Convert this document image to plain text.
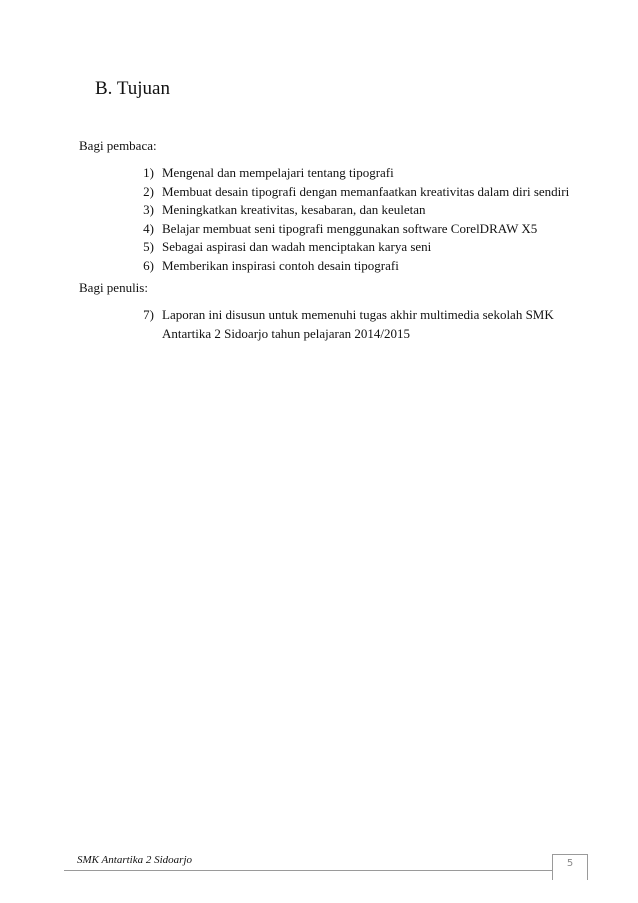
B. Tujuan

Bagi pembaca:

1) Mengenal dan mempelajari tentang tipografi
2) Membuat desain tipografi dengan memanfaatkan kreativitas dalam diri sendiri
3) Meningkatkan kreativitas, kesabaran, dan keuletan
4) Belajar membuat seni tipografi menggunakan software CorelDRAW X5
5) Sebagai aspirasi dan wadah menciptakan karya seni
6) Memberikan inspirasi contoh desain tipografi

Bagi penulis:

7) Laporan ini disusun untuk memenuhi tugas akhir multimedia sekolah SMK Antartika 2 Sidoarjo tahun pelajaran 2014/2015

SMK Antartika 2 Sidoarjo	5
